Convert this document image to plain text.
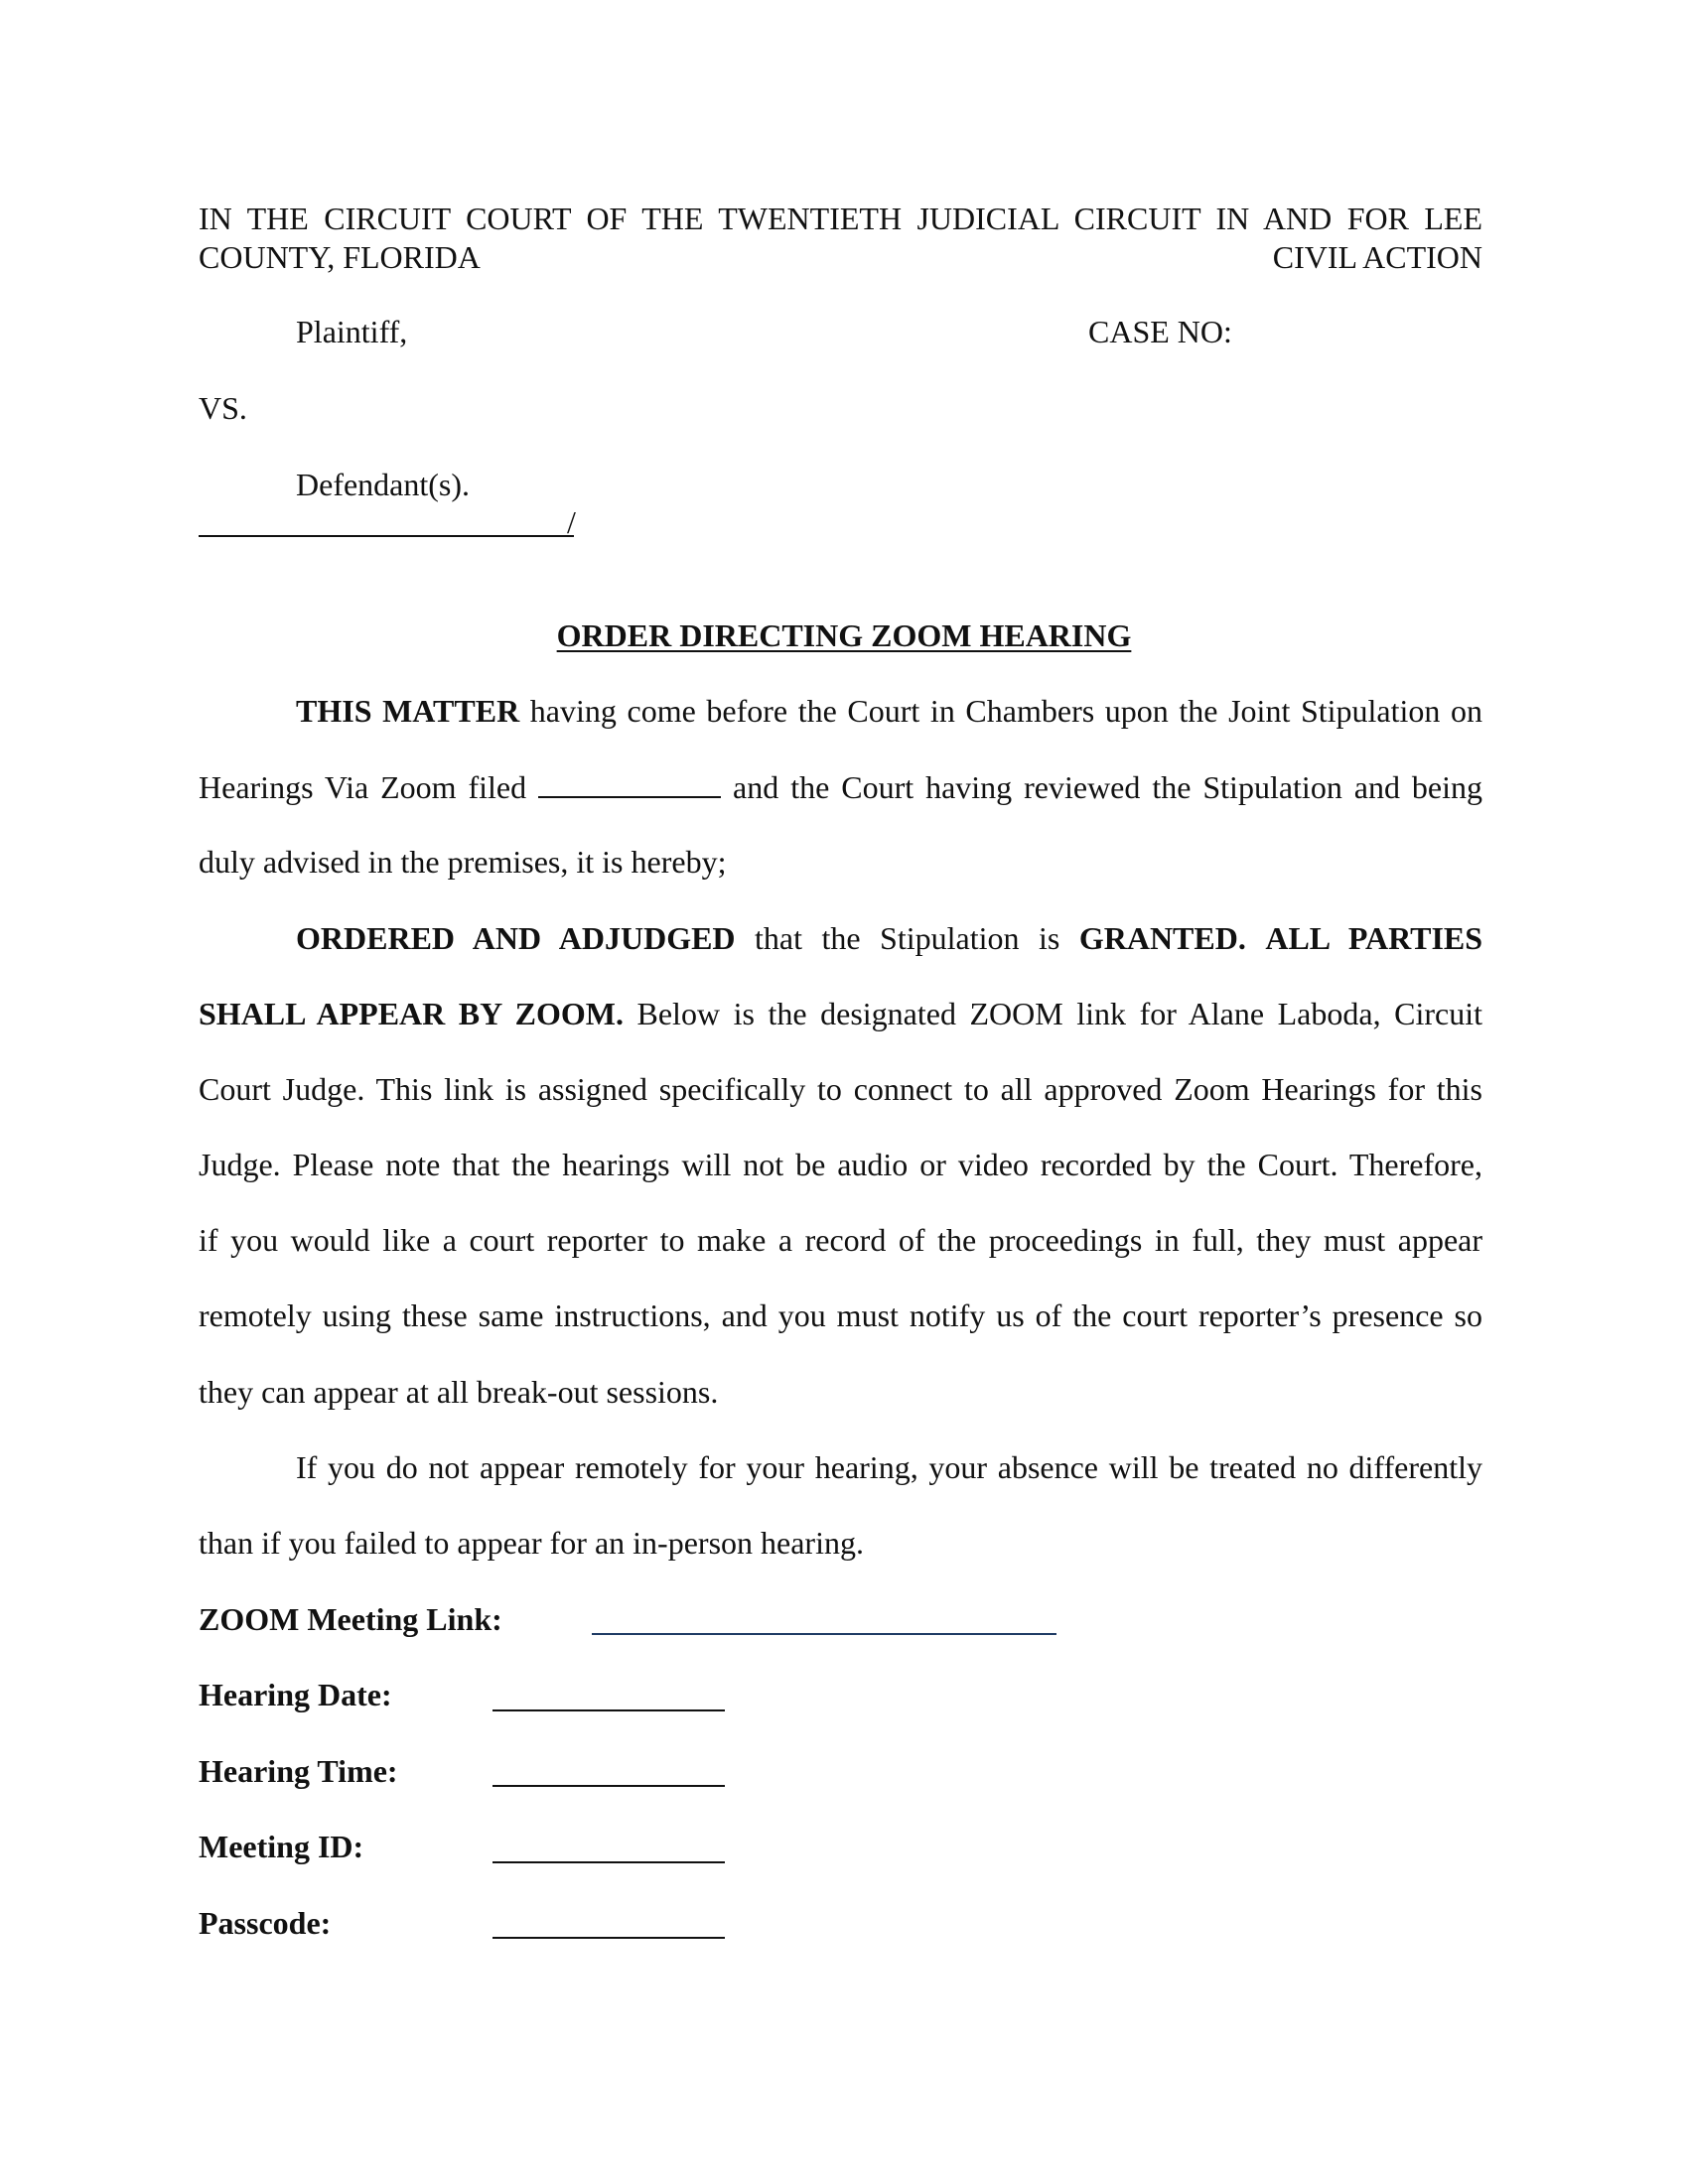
IN THE CIRCUIT COURT OF THE TWENTIETH JUDICIAL CIRCUIT IN AND FOR LEE
COUNTY, FLORIDA	CIVIL ACTION
Plaintiff,	CASE NO:
VS.
Defendant(s).
/
ORDER DIRECTING ZOOM HEARING
THIS MATTER having come before the Court in Chambers upon the Joint Stipulation on
Hearings Via Zoom filed	and the Court having reviewed the Stipulation and being
duly advised in the premises, it is hereby;
ORDERED AND ADJUDGED that the Stipulation is GRANTED. ALL PARTIES
SHALL APPEAR BY ZOOM. Below is the designated ZOOM link for Alane Laboda, Circuit
Court Judge. This link is assigned specifically to connect to all approved Zoom Hearings for this
Judge. Please note that the hearings will not be audio or video recorded by the Court. Therefore,
if you would like a court reporter to make a record of the proceedings in full, they must appear
remotely using these same instructions, and you must notify us of the court reporter’s presence so
they can appear at all break-out sessions.
If you do not appear remotely for your hearing, your absence will be treated no differently
than if you failed to appear for an in-person hearing.
ZOOM Meeting Link:
Hearing Date:
Hearing Time:
Meeting ID:
Passcode:
